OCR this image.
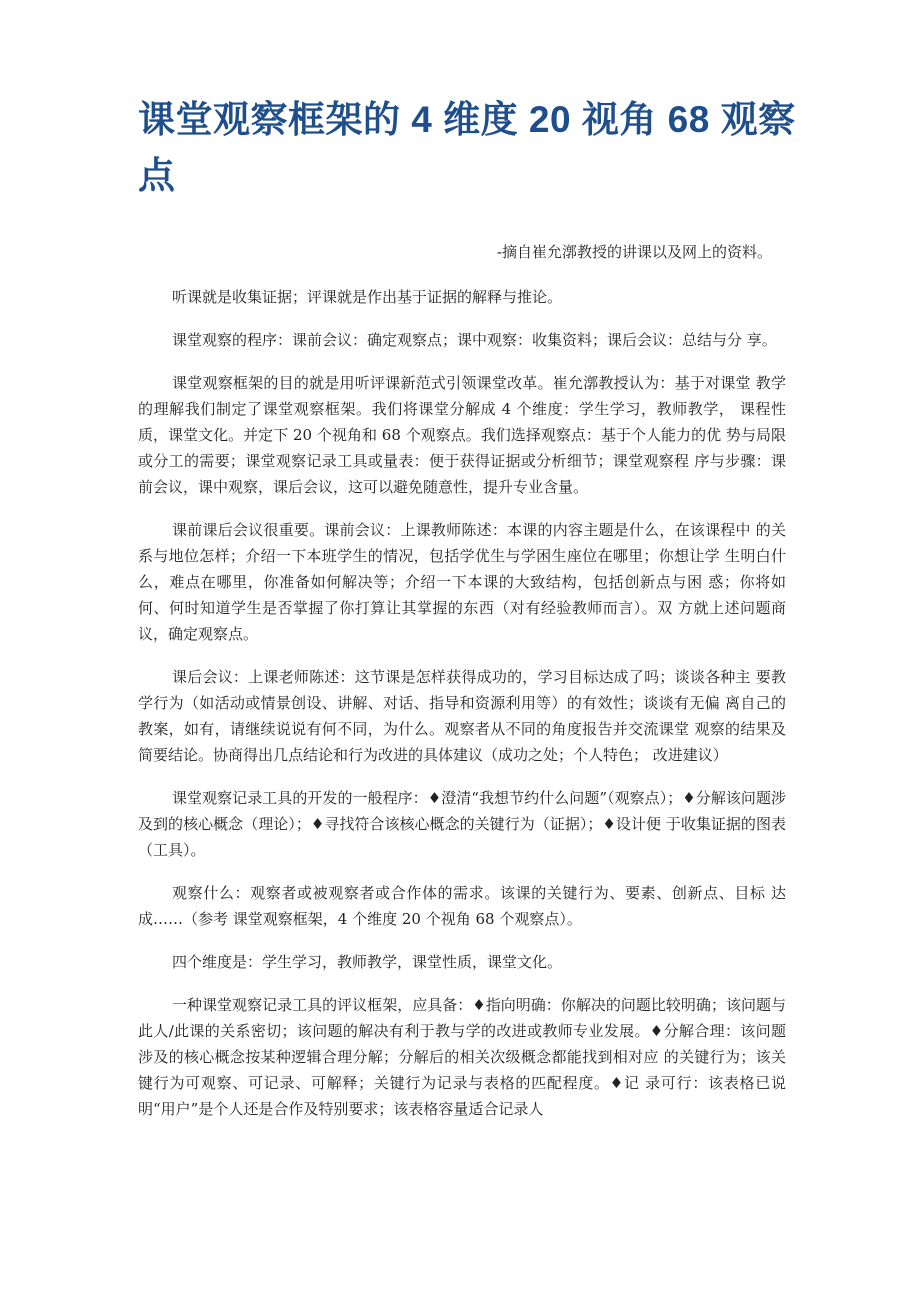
课堂观察框架的 4 维度 20 视角 68 观察点
-摘自崔允漷教授的讲课以及网上的资料。

听课就是收集证据；评课就是作出基于证据的解释与推论。

课堂观察的程序：课前会议：确定观察点；课中观察：收集资料；课后会议：总结与分 享。

课堂观察框架的目的就是用听评课新范式引领课堂改革。崔允漷教授认为：基于对课堂 教学的理解我们制定了课堂观察框架。我们将课堂分解成 4 个维度：学生学习，教师教学， 课程性质，课堂文化。并定下 20 个视角和 68 个观察点。我们选择观察点：基于个人能力的优 势与局限或分工的需要；课堂观察记录工具或量表：便于获得证据或分析细节；课堂观察程 序与步骤：课前会议，课中观察，课后会议，这可以避免随意性，提升专业含量。

课前课后会议很重要。课前会议：上课教师陈述：本课的内容主题是什么，在该课程中 的关系与地位怎样；介绍一下本班学生的情况，包括学优生与学困生座位在哪里；你想让学 生明白什么，难点在哪里，你准备如何解决等；介绍一下本课的大致结构，包括创新点与困 惑；你将如何、何时知道学生是否掌握了你打算让其掌握的东西（对有经验教师而言）。双 方就上述问题商议，确定观察点。

课后会议：上课老师陈述：这节课是怎样获得成功的，学习目标达成了吗；谈谈各种主 要教学行为（如活动或情景创设、讲解、对话、指导和资源利用等）的有效性；谈谈有无偏 离自己的教案，如有，请继续说说有何不同，为什么。观察者从不同的角度报告并交流课堂 观察的结果及简要结论。协商得出几点结论和行为改进的具体建议（成功之处；个人特色； 改进建议）

课堂观察记录工具的开发的一般程序：♦澄清“我想节约什么问题”（观察点）；♦分解该问题涉及到的核心概念（理论）；♦寻找符合该核心概念的关键行为（证据）；♦设计便 于收集证据的图表（工具）。

观察什么：观察者或被观察者或合作体的需求。该课的关键行为、要素、创新点、目标 达成……（参考 课堂观察框架，4 个维度 20 个视角 68 个观察点）。

四个维度是：学生学习，教师教学，课堂性质，课堂文化。

一种课堂观察记录工具的评议框架，应具备：♦指向明确：你解决的问题比较明确；该问题与此人/此课的关系密切；该问题的解决有利于教与学的改进或教师专业发展。♦分解合理：该问题涉及的核心概念按某种逻辑合理分解；分解后的相关次级概念都能找到相对应 的关键行为；该关键行为可观察、可记录、可解释；关键行为记录与表格的匹配程度。♦记 录可行：该表格已说明“用户”是个人还是合作及特别要求；该表格容量适合记录人
